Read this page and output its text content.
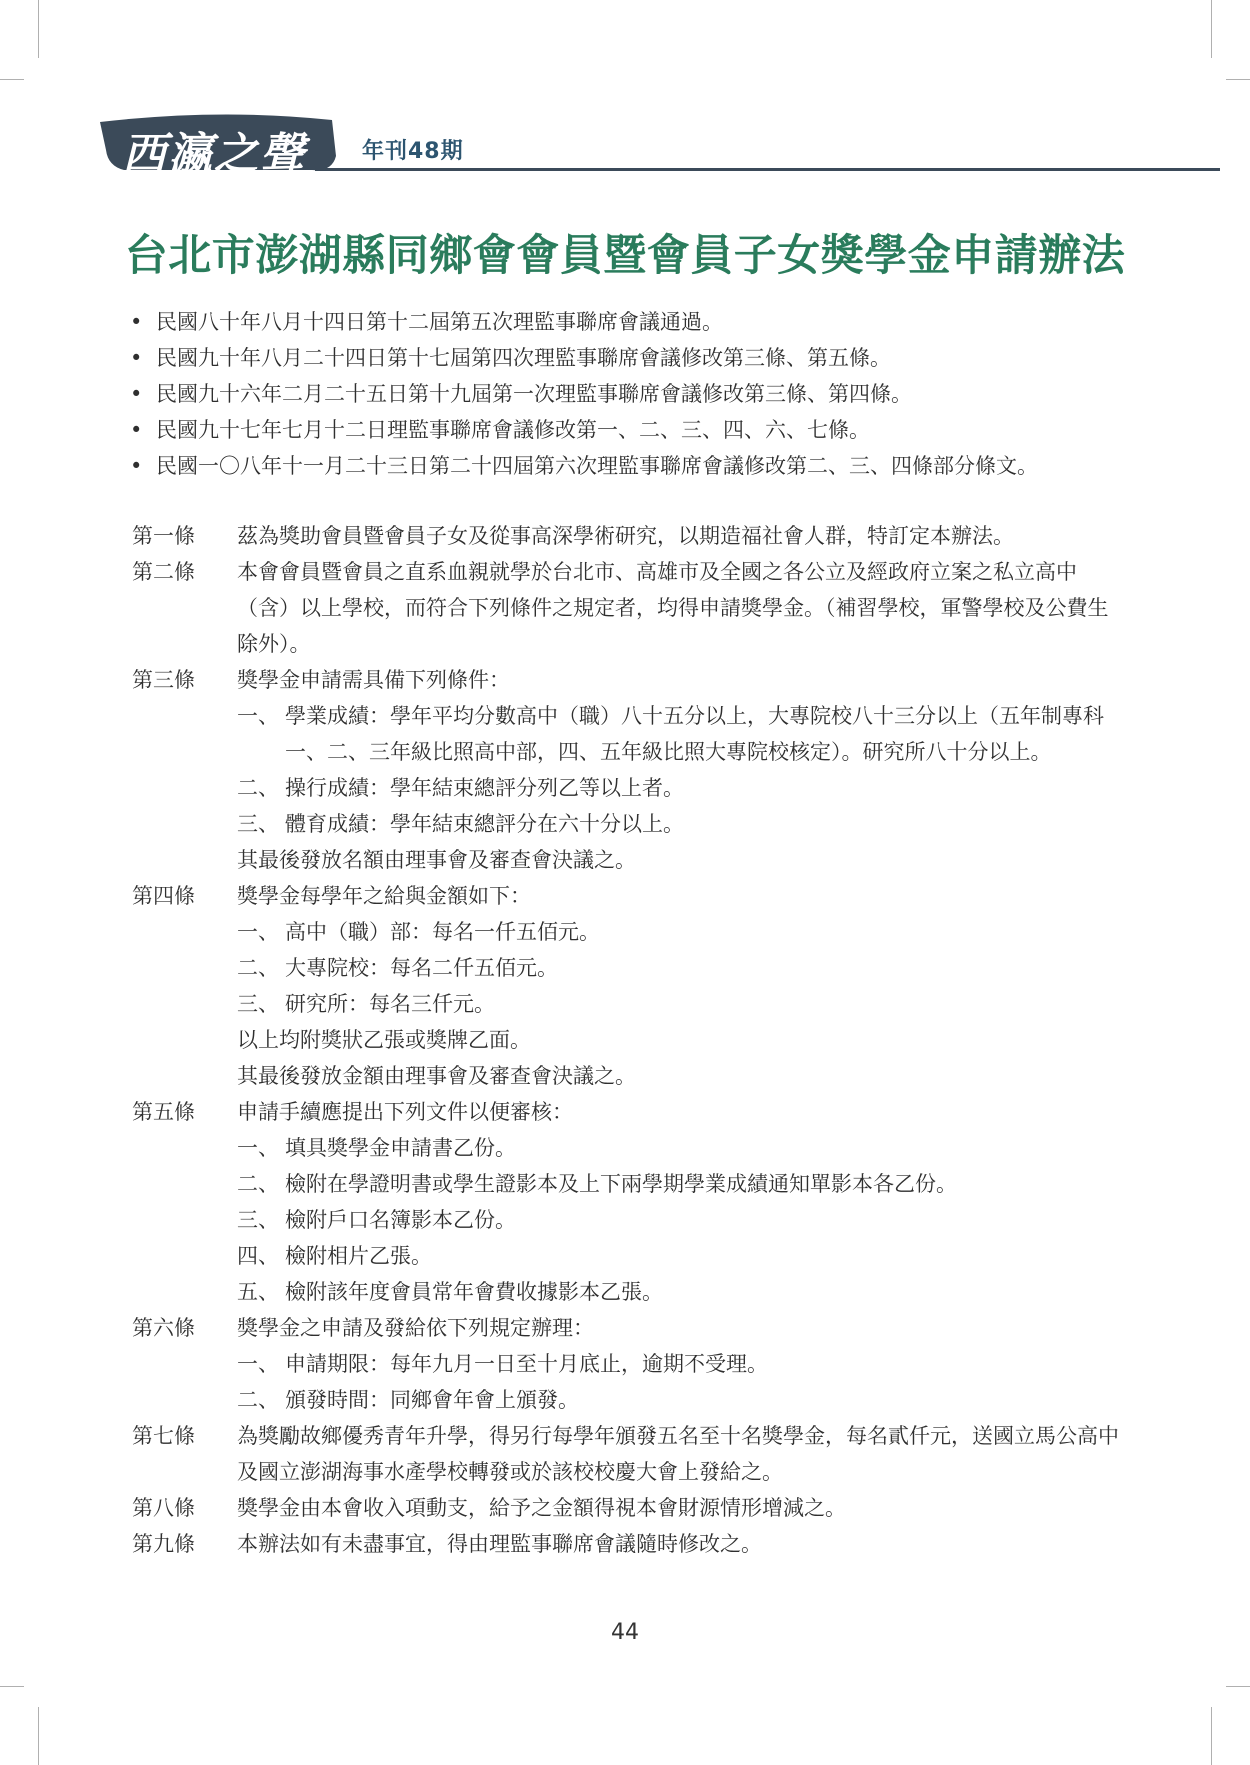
西瀛之聲	年刊48期
台北市澎湖縣同鄉會會員暨會員子女獎學金申請辦法
• 民國八十年八月十四日第十二屆第五次理監事聯席會議通過。
• 民國九十年八月二十四日第十七屆第四次理監事聯席會議修改第三條、第五條。
• 民國九十六年二月二十五日第十九屆第一次理監事聯席會議修改第三條、第四條。
• 民國九十七年七月十二日理監事聯席會議修改第一、二、三、四、六、七條。
• 民國一〇八年十一月二十三日第二十四屆第六次理監事聯席會議修改第二、三、四條部分條文。
第一條	茲為獎助會員暨會員子女及從事高深學術研究，以期造福社會人群，特訂定本辦法。
第二條	本會會員暨會員之直系血親就學於台北市、高雄市及全國之各公立及經政府立案之私立高中（含）以上學校，而符合下列條件之規定者，均得申請獎學金。（補習學校，軍警學校及公費生除外）。
第三條	獎學金申請需具備下列條件：
一、 學業成績：學年平均分數高中（職）八十五分以上，大專院校八十三分以上（五年制專科一、二、三年級比照高中部，四、五年級比照大專院校核定）。研究所八十分以上。
二、 操行成績：學年結束總評分列乙等以上者。
三、 體育成績：學年結束總評分在六十分以上。
其最後發放名額由理事會及審查會決議之。
第四條	獎學金每學年之給與金額如下：
一、 高中（職）部：每名一仟五佰元。
二、 大專院校：每名二仟五佰元。
三、 研究所：每名三仟元。
以上均附獎狀乙張或獎牌乙面。
其最後發放金額由理事會及審查會決議之。
第五條	申請手續應提出下列文件以便審核：
一、 填具獎學金申請書乙份。
二、 檢附在學證明書或學生證影本及上下兩學期學業成績通知單影本各乙份。
三、 檢附戶口名簿影本乙份。
四、 檢附相片乙張。
五、 檢附該年度會員常年會費收據影本乙張。
第六條	獎學金之申請及發給依下列規定辦理：
一、 申請期限：每年九月一日至十月底止，逾期不受理。
二、 頒發時間：同鄉會年會上頒發。
第七條	為獎勵故鄉優秀青年升學，得另行每學年頒發五名至十名獎學金，每名貳仟元，送國立馬公高中及國立澎湖海事水產學校轉發或於該校校慶大會上發給之。
第八條	獎學金由本會收入項動支，給予之金額得視本會財源情形增減之。
第九條	本辦法如有未盡事宜，得由理監事聯席會議隨時修改之。
44
